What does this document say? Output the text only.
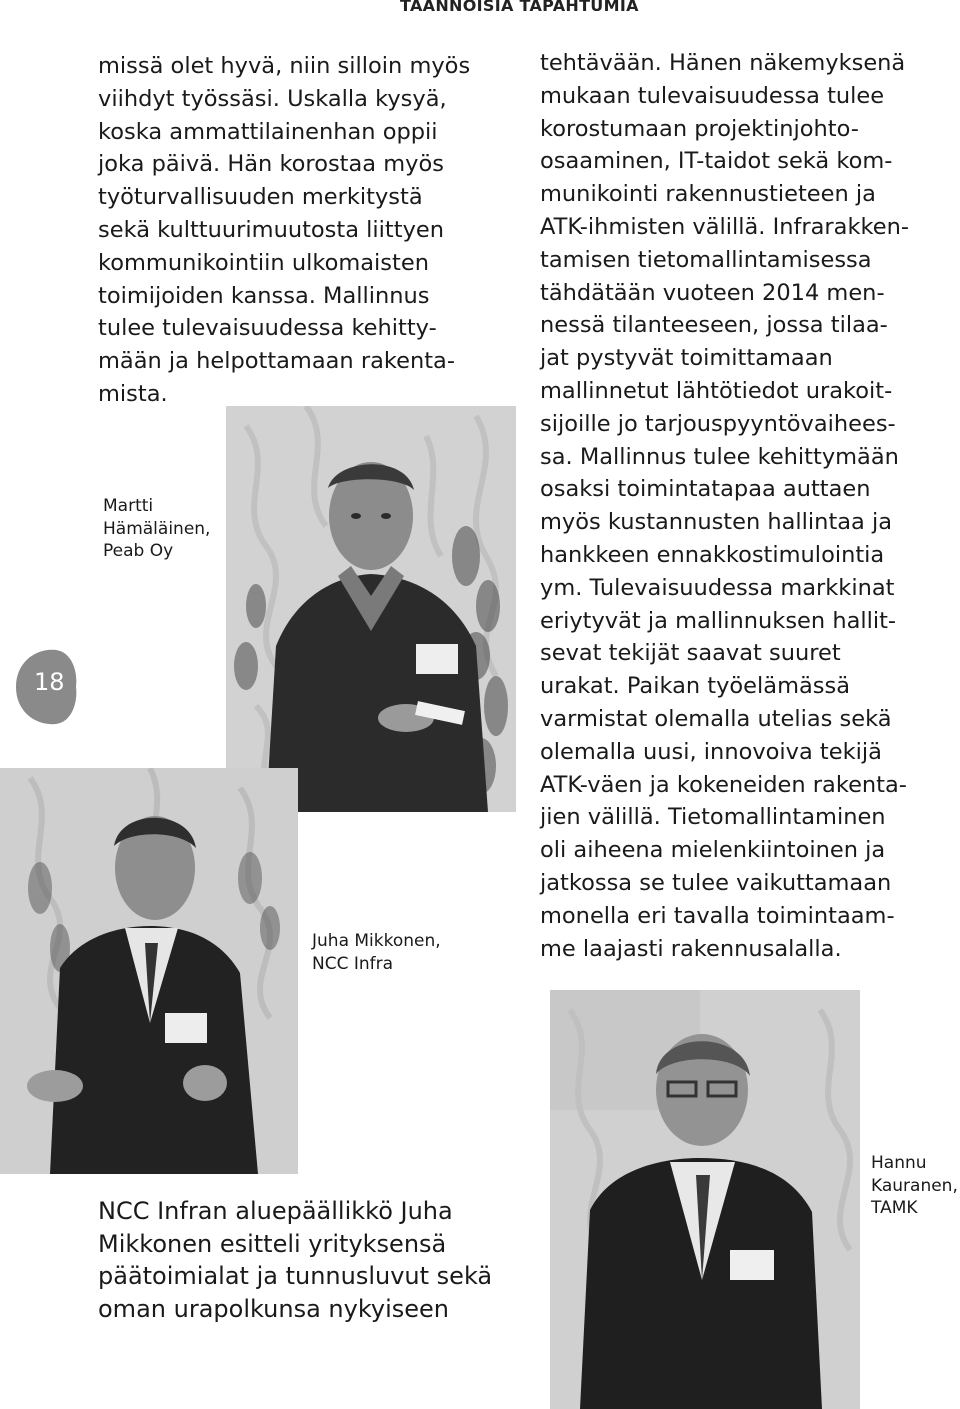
TAANNOISIA TAPAHTUMIA
missä olet hyvä, niin silloin myös
viihdyt työssäsi. Uskalla kysyä,
koska ammattilainenhan oppii
joka päivä. Hän korostaa myös
työturvallisuuden merkitystä
sekä kulttuurimuutosta liittyen
kommunikointiin ulkomaisten
toimijoiden kanssa. Mallinnus
tulee tulevaisuudessa kehitty-
mään ja helpottamaan rakenta-
mista.
tehtävään. Hänen näkemyksenä
mukaan tulevaisuudessa tulee
korostumaan projektinjohto-
osaaminen, IT-taidot sekä kom-
munikointi rakennustieteen ja
ATK-ihmisten välillä. Infrarakken-
tamisen tietomallintamisessa
tähdätään vuoteen 2014 men-
nessä tilanteeseen, jossa tilaa-
jat pystyvät toimittamaan
mallinnetut lähtötiedot urakoit-
sijoille jo tarjouspyyntövaihees-
sa. Mallinnus tulee kehittymään
osaksi toimintatapaa auttaen
myös kustannusten hallintaa ja
hankkeen ennakkostimulointia
ym. Tulevaisuudessa markkinat
eriytyvät ja mallinnuksen hallit-
sevat tekijät saavat suuret
urakat. Paikan työelämässä
varmistat olemalla utelias sekä
olemalla uusi, innovoiva tekijä
ATK-väen ja kokeneiden rakenta-
jien välillä. Tietomallintaminen
oli aiheena mielenkiintoinen ja
jatkossa se tulee vaikuttamaan
monella eri tavalla toimintaam-
me laajasti rakennusalalla.
Martti
Hämäläinen,
Peab Oy
18
Juha Mikkonen,
NCC Infra
Hannu
Kauranen,
TAMK
NCC Infran aluepäällikkö Juha
Mikkonen esitteli yrityksensä
päätoimialat ja tunnusluvut sekä
oman urapolkunsa nykyiseen
